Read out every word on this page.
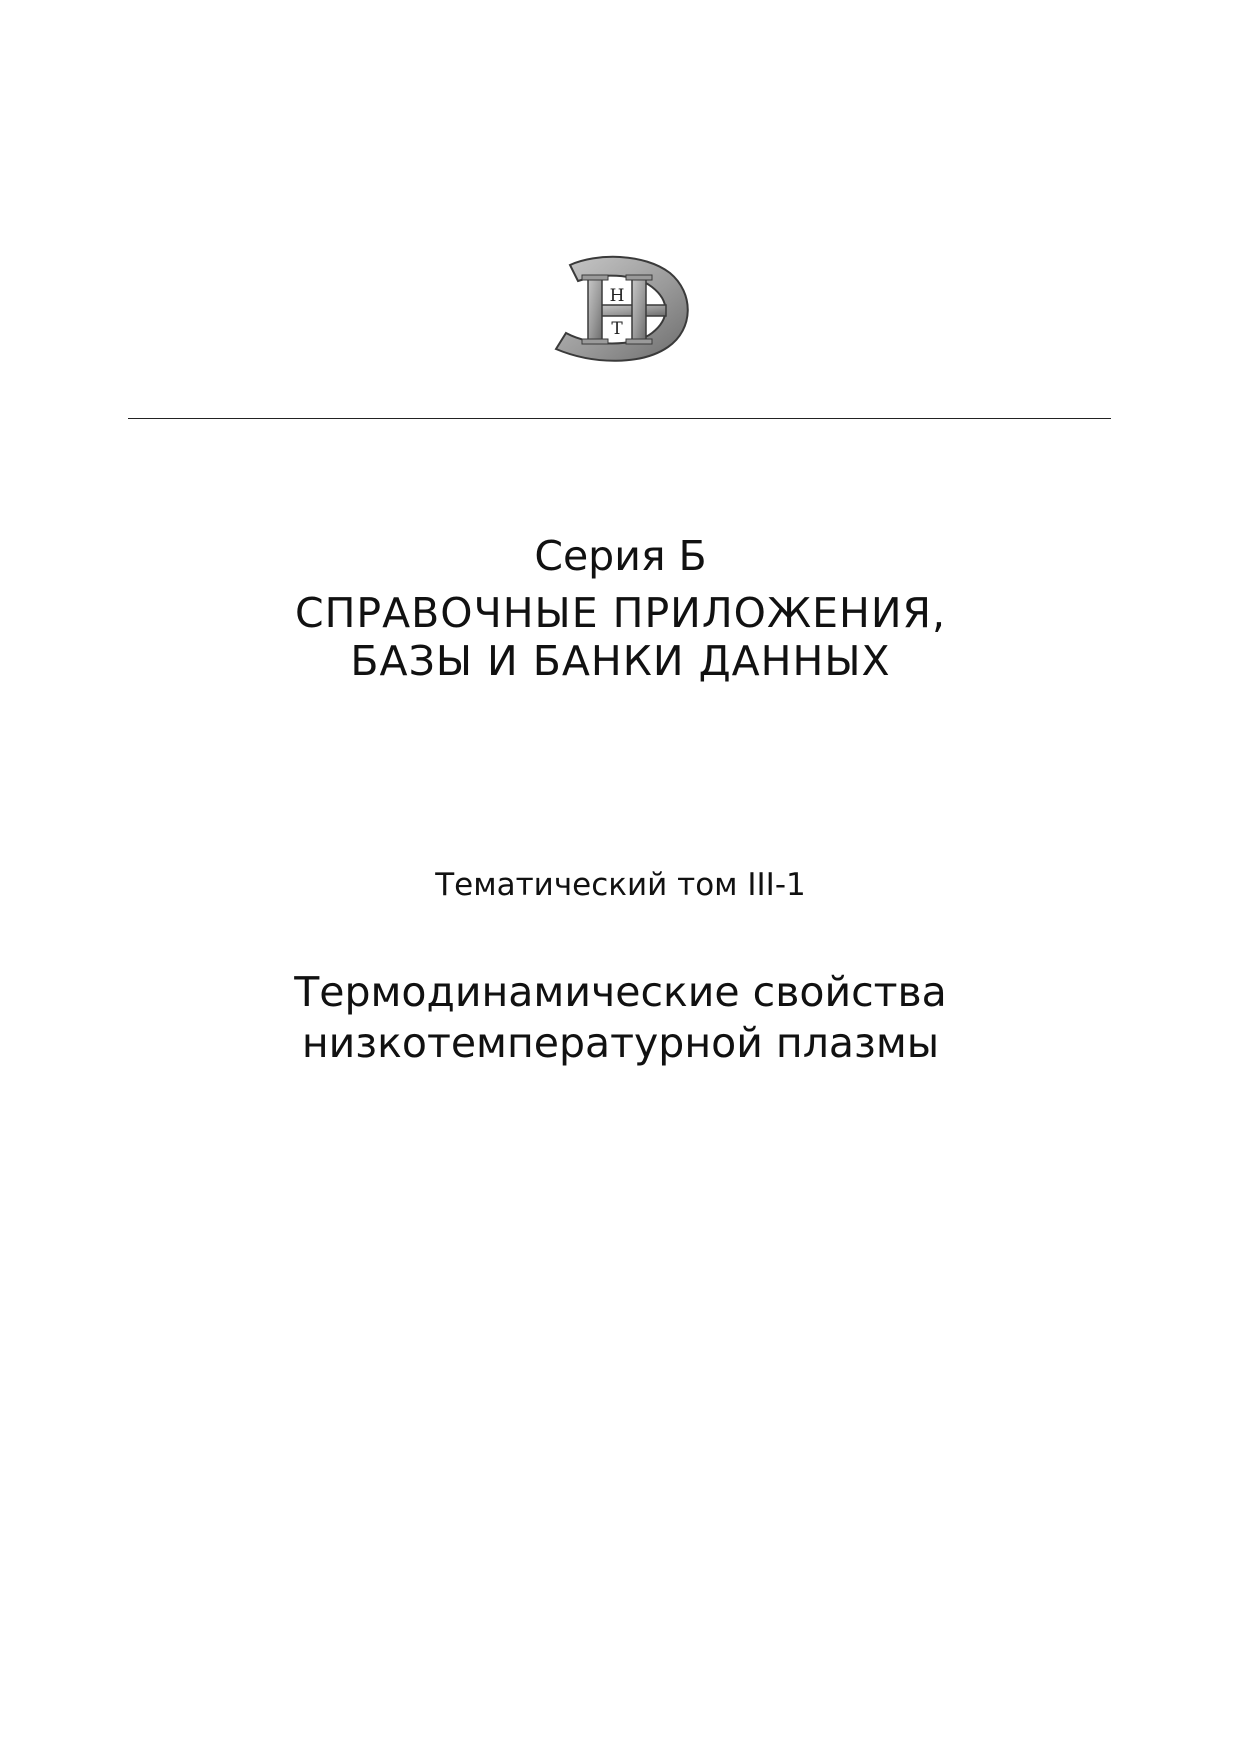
Н
Т
Серия Б
СПРАВОЧНЫЕ ПРИЛОЖЕНИЯ,
БАЗЫ И БАНКИ ДАННЫХ
Тематический том III-1
Термодинамические свойства
низкотемпературной плазмы
